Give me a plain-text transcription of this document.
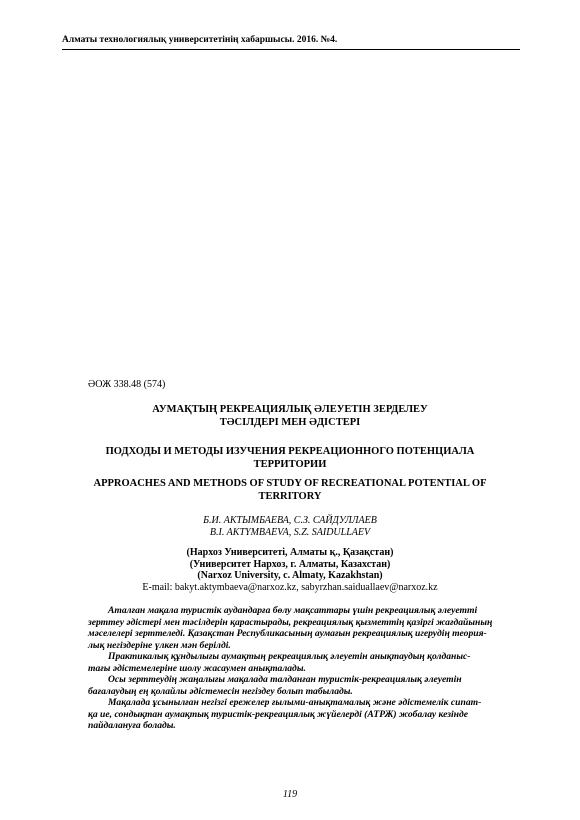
Алматы технологиялық университетінің хабаршысы. 2016. №4.
ӘОЖ 338.48 (574)
АУМАҚТЫҢ РЕКРЕАЦИЯЛЫҚ ӘЛЕУЕТІН ЗЕРДЕЛЕУ
ТӘСІЛДЕРІ МЕН ӘДІСТЕРІ
ПОДХОДЫ И МЕТОДЫ ИЗУЧЕНИЯ РЕКРЕАЦИОННОГО ПОТЕНЦИАЛА
ТЕРРИТОРИИ
APPROACHES AND METHODS OF STUDY OF RECREATIONAL POTENTIAL OF
TERRITORY
Б.И. АКТЫМБАЕВА, С.З. САЙДУЛЛАЕВ
B.I. AKTYMBAEVA, S.Z. SAIDULLAEV
(Нархоз Университеті, Алматы қ., Қазақстан)
(Университет Нархоз, г. Алматы, Казахстан)
(Narxoz University, c. Almaty, Kazakhstan)
E-mail: bakyt.aktymbaeva@narxoz.kz, sabyrzhan.saiduallaev@narxoz.kz
Аталған мақала туристік аудандарға бөлу мақсаттары үшін рекреациялық әлеуетті
зерттеу әдістері мен тәсілдерін қарастырады, рекреациялық қызметтің қазіргі жағдайының
мәселелері зерттеледі. Қазақстан Республикасының аумағын рекреациялық игерудің теория-
лық негіздеріне үлкен мән берілді.
Практикалық құндылығы аумақтың рекреациялық әлеуетін анықтаудың қолданыс-
тағы әдістемелеріне шолу жасаумен анықталады.
Осы зерттеудің жаңалығы мақалада талданған туристік-рекреациялық әлеуетін
бағалаудың ең қолайлы әдістемесін негіздеу болып табылады.
Мақалада ұсынылған негізгі ережелер ғылыми-анықтамалық және әдістемелік сипат-
қа ие, сондықтан аумақтық туристік-рекреациялық жүйелерді (АТРЖ) жобалау кезінде
пайдалануға болады.
119
